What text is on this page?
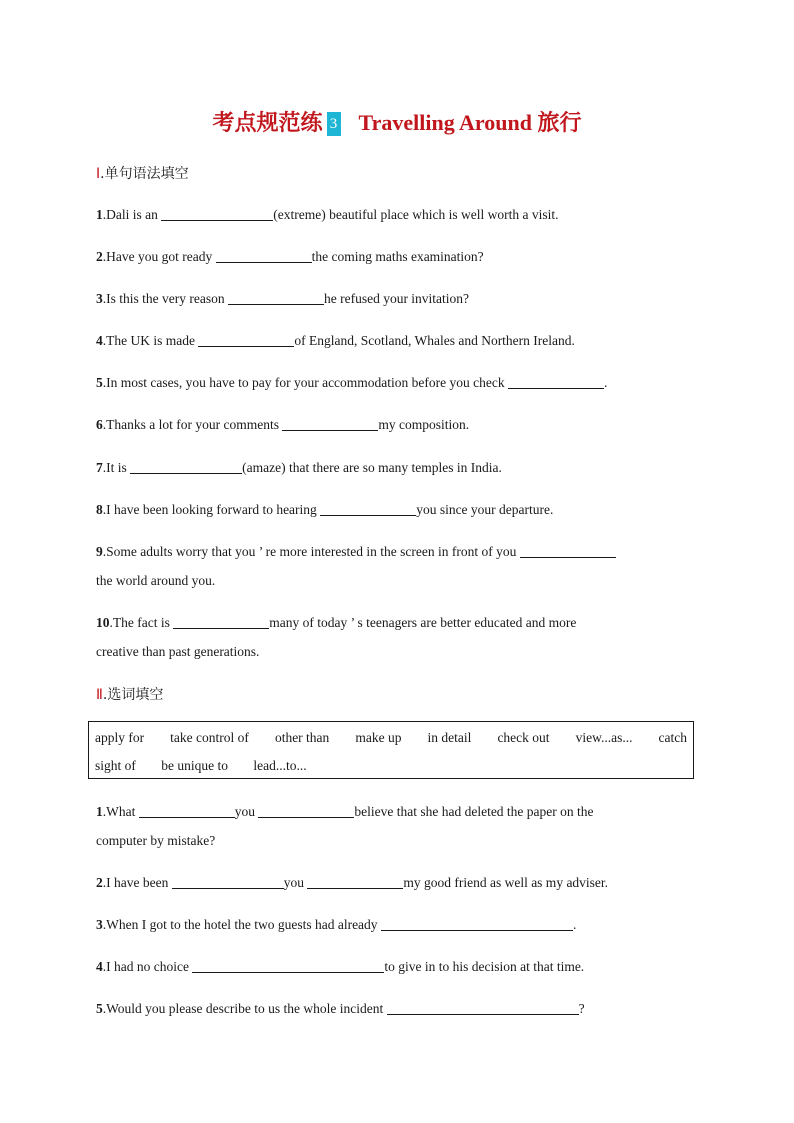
考点规范练 3 Travelling Around 旅行
Ⅰ.单句语法填空
1.Dali is an	(extreme) beautiful place which is well worth a visit.
2.Have you got ready	the coming maths examination?
3.Is this the very reason	he refused your invitation?
4.The UK is made	of England, Scotland, Whales and Northern Ireland.
5.In most cases, you have to pay for your accommodation before you check	.
6.Thanks a lot for your comments	my composition.
7.It is	(amaze) that there are so many temples in India.
8.I have been looking forward to hearing	you since your departure.
9.Some adults worry that you ’ re more interested in the screen in front of you
the world around you.
10.The fact is	many of today ’ s teenagers are better educated and more
creative than past generations.
Ⅱ.选词填空
apply for take control of other than make up in detail check out view...as... catch
sight of be unique to lead...to...
1.What	you	believe that she had deleted the paper on the
computer by mistake?
2.I have been	you	my good friend as well as my adviser.
3.When I got to the hotel the two guests had already	.
4.I had no choice	to give in to his decision at that time.
5.Would you please describe to us the whole incident	?
